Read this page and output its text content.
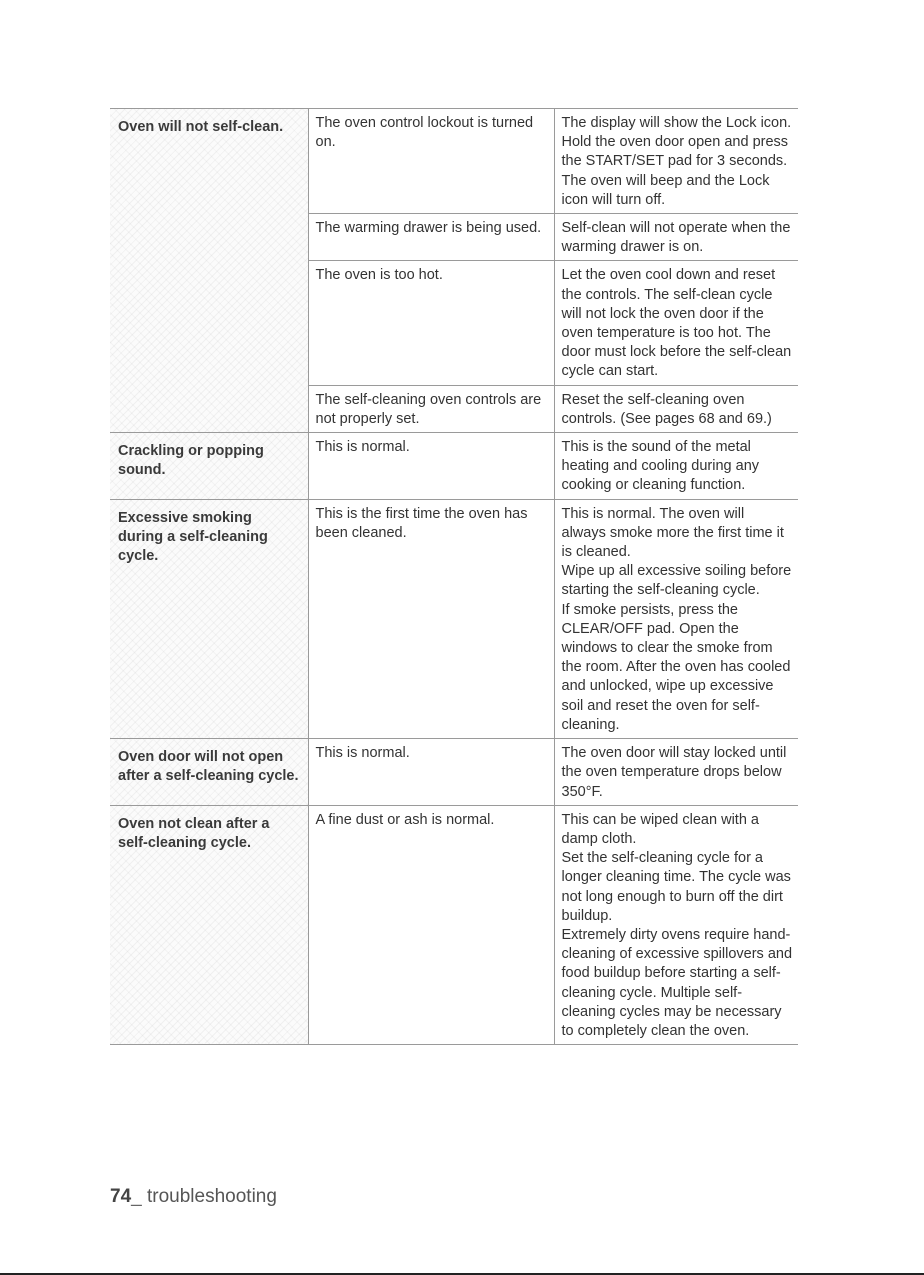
Oven will not self-clean.	The oven control lockout is turned on.	The display will show the Lock icon. Hold the oven door open and press the START/SET pad for 3 seconds. The oven will beep and the Lock icon will turn off.

	The warming drawer is being used.	Self-clean will not operate when the warming drawer is on.

	The oven is too hot.	Let the oven cool down and reset the controls. The self-clean cycle will not lock the oven door if the oven temperature is too hot. The door must lock before the self-clean cycle can start.

	The self-cleaning oven controls are not properly set.	Reset the self-cleaning oven controls. (See pages 68 and 69.)

Crackling or popping sound.	This is normal.	This is the sound of the metal heating and cooling during any cooking or cleaning function.

Excessive smoking during a self-cleaning cycle.	This is the first time the oven has been cleaned.	This is normal. The oven will always smoke more the first time it is cleaned.
Wipe up all excessive soiling before starting the self-cleaning cycle.
If smoke persists, press the CLEAR/OFF pad. Open the windows to clear the smoke from the room. After the oven has cooled and unlocked, wipe up excessive soil and reset the oven for self-cleaning.

Oven door will not open after a self-cleaning cycle.	This is normal.	The oven door will stay locked until the oven temperature drops below 350°F.

Oven not clean after a self-cleaning cycle.	A fine dust or ash is normal.	This can be wiped clean with a damp cloth.
Set the self-cleaning cycle for a longer cleaning time. The cycle was not long enough to burn off the dirt buildup.
Extremely dirty ovens require hand-cleaning of excessive spillovers and food buildup before starting a self-cleaning cycle. Multiple self-cleaning cycles may be necessary to completely clean the oven.
74_ troubleshooting
